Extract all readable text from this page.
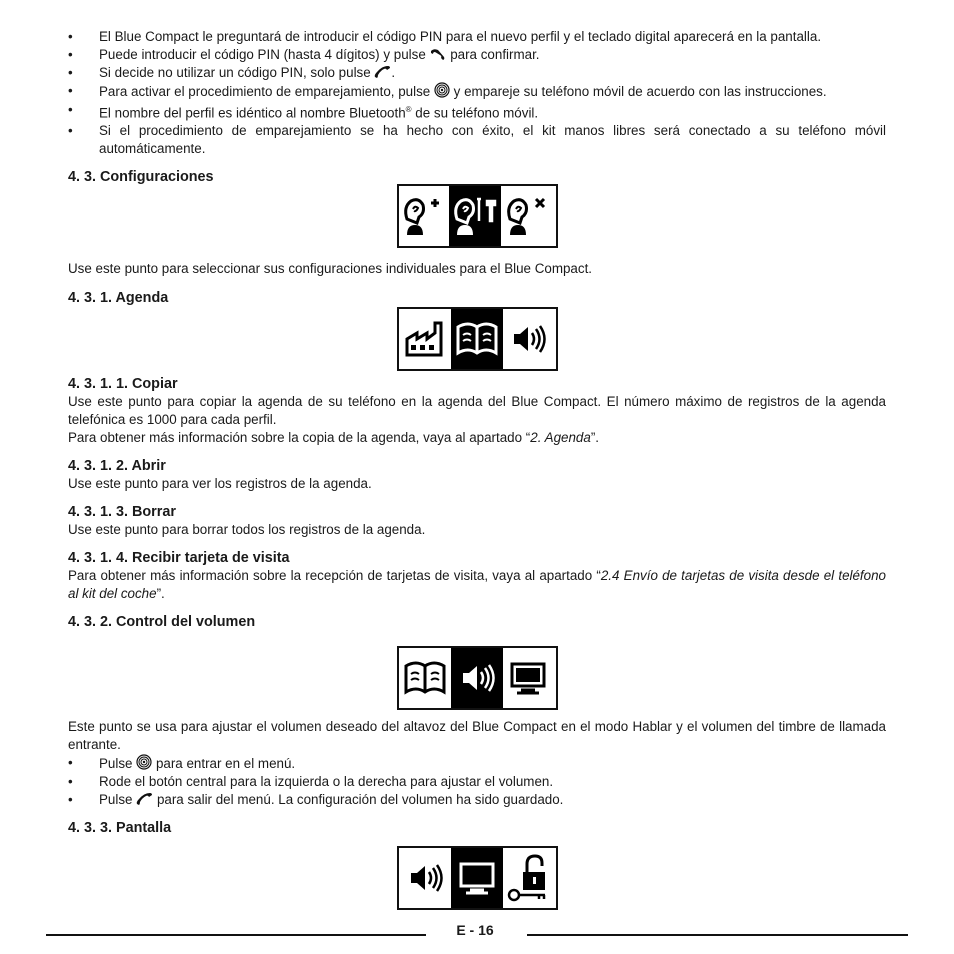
• El Blue Compact le preguntará de introducir el código PIN para el nuevo perfil y el teclado digital aparecerá en la pantalla.
• Puede introducir el código PIN (hasta 4 dígitos) y pulse  para confirmar.
• Si decide no utilizar un código PIN, solo pulse .
• Para activar el procedimiento de emparejamiento, pulse  y empareje su teléfono móvil de acuerdo con las instrucciones.
• El nombre del perfil es idéntico al nombre Bluetooth® de su teléfono móvil.
• Si el procedimiento de emparejamiento se ha hecho con éxito, el kit manos libres será conectado a su teléfono móvil automáticamente.
4. 3. Configuraciones

Use este punto para seleccionar sus configuraciones individuales para el Blue Compact.

4. 3. 1. Agenda
4. 3. 1. 1. Copiar

Use este punto para copiar la agenda de su teléfono en la agenda del Blue Compact. El número máximo de registros de la agenda telefónica es 1000 para cada perfil.

Para obtener más información sobre la copia de la agenda, vaya al apartado “2. Agenda”.

4. 3. 1. 2. Abrir

Use este punto para ver los registros de la agenda.

4. 3. 1. 3. Borrar

Use este punto para borrar todos los registros de la agenda.

4. 3. 1. 4. Recibir tarjeta de visita

Para obtener más información sobre la recepción de tarjetas de visita, vaya al apartado “2.4 Envío de tarjetas de visita desde el teléfono al kit del coche”.

4. 3. 2. Control del volumen

Este punto se usa para ajustar el volumen deseado del altavoz del Blue Compact en el modo Hablar y el volumen del timbre de llamada entrante.

• Pulse  para entrar en el menú.
• Rode el botón central para la izquierda o la derecha para ajustar el volumen.
• Pulse  para salir del menú. La configuración del volumen ha sido guardado.
4. 3. 3. Pantalla
E - 16
